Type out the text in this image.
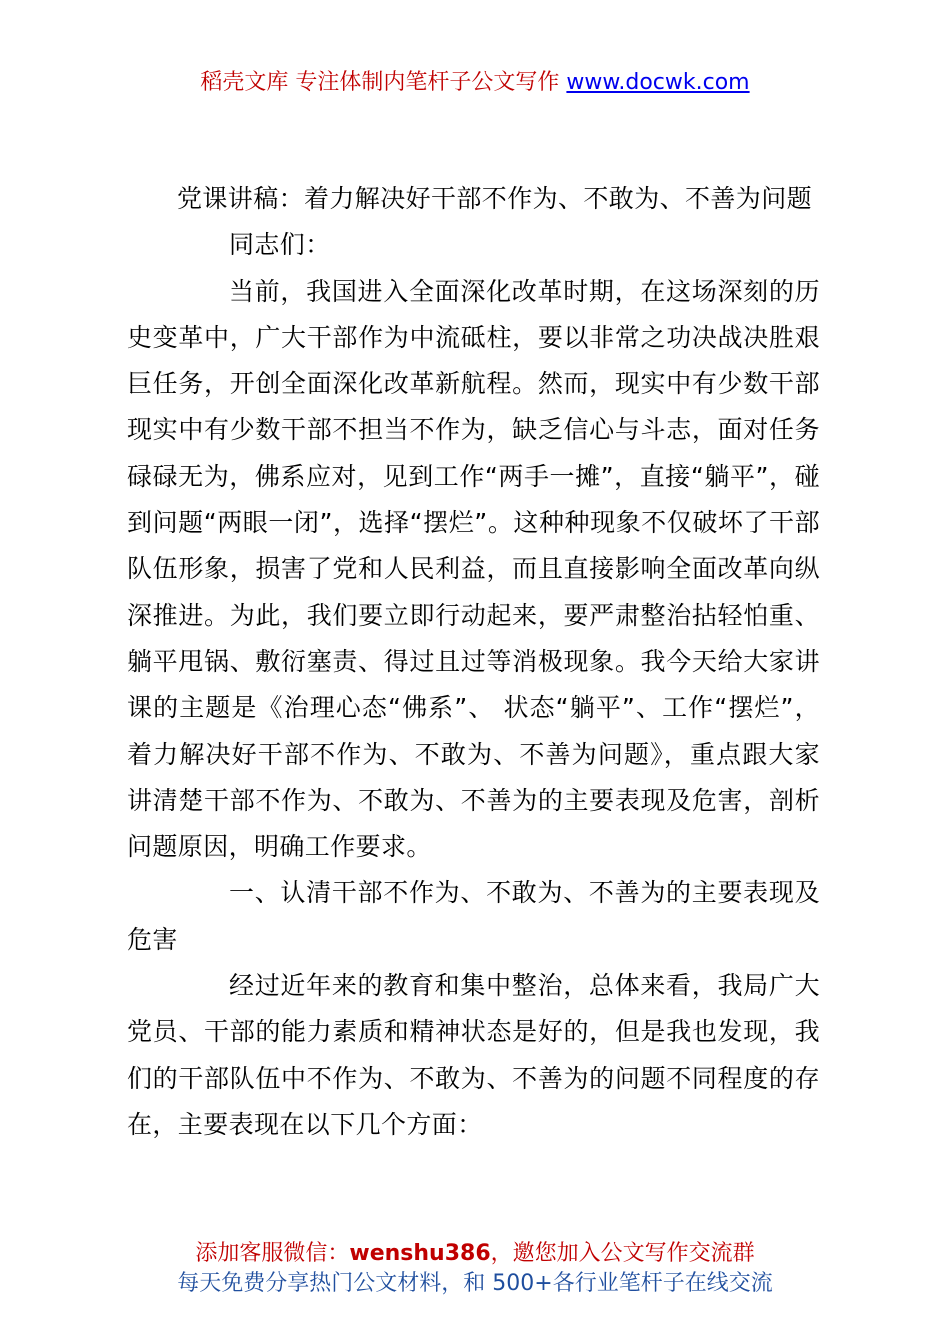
稻壳文库 专注体制内笔杆子公文写作 www.docwk.com

党课讲稿：着力解决好干部不作为、不敢为、不善为问题

同志们：

当前，我国进入全面深化改革时期，在这场深刻的历史变革中，广大干部作为中流砥柱，要以非常之功决战决胜艰巨任务，开创全面深化改革新航程。然而，现实中有少数干部现实中有少数干部不担当不作为，缺乏信心与斗志，面对任务碌碌无为，佛系应对，见到工作“两手一摊”，直接“躺平”，碰到问题“两眼一闭”，选择“摆烂”。这种种现象不仅破坏了干部队伍形象，损害了党和人民利益，而且直接影响全面改革向纵深推进。为此，我们要立即行动起来，要严肃整治拈轻怕重、躺平甩锅、敷衍塞责、得过且过等消极现象。我今天给大家讲课的主题是《治理心态“佛系”、 状态“躺平”、工作“摆烂”，着力解决好干部不作为、不敢为、不善为问题》，重点跟大家讲清楚干部不作为、不敢为、不善为的主要表现及危害，剖析问题原因，明确工作要求。

一、认清干部不作为、不敢为、不善为的主要表现及危害

经过近年来的教育和集中整治，总体来看，我局广大党员、干部的能力素质和精神状态是好的，但是我也发现，我们的干部队伍中不作为、不敢为、不善为的问题不同程度的存在，主要表现在以下几个方面：

添加客服微信：wenshu386，邀您加入公文写作交流群
每天免费分享热门公文材料，和 500+各行业笔杆子在线交流
